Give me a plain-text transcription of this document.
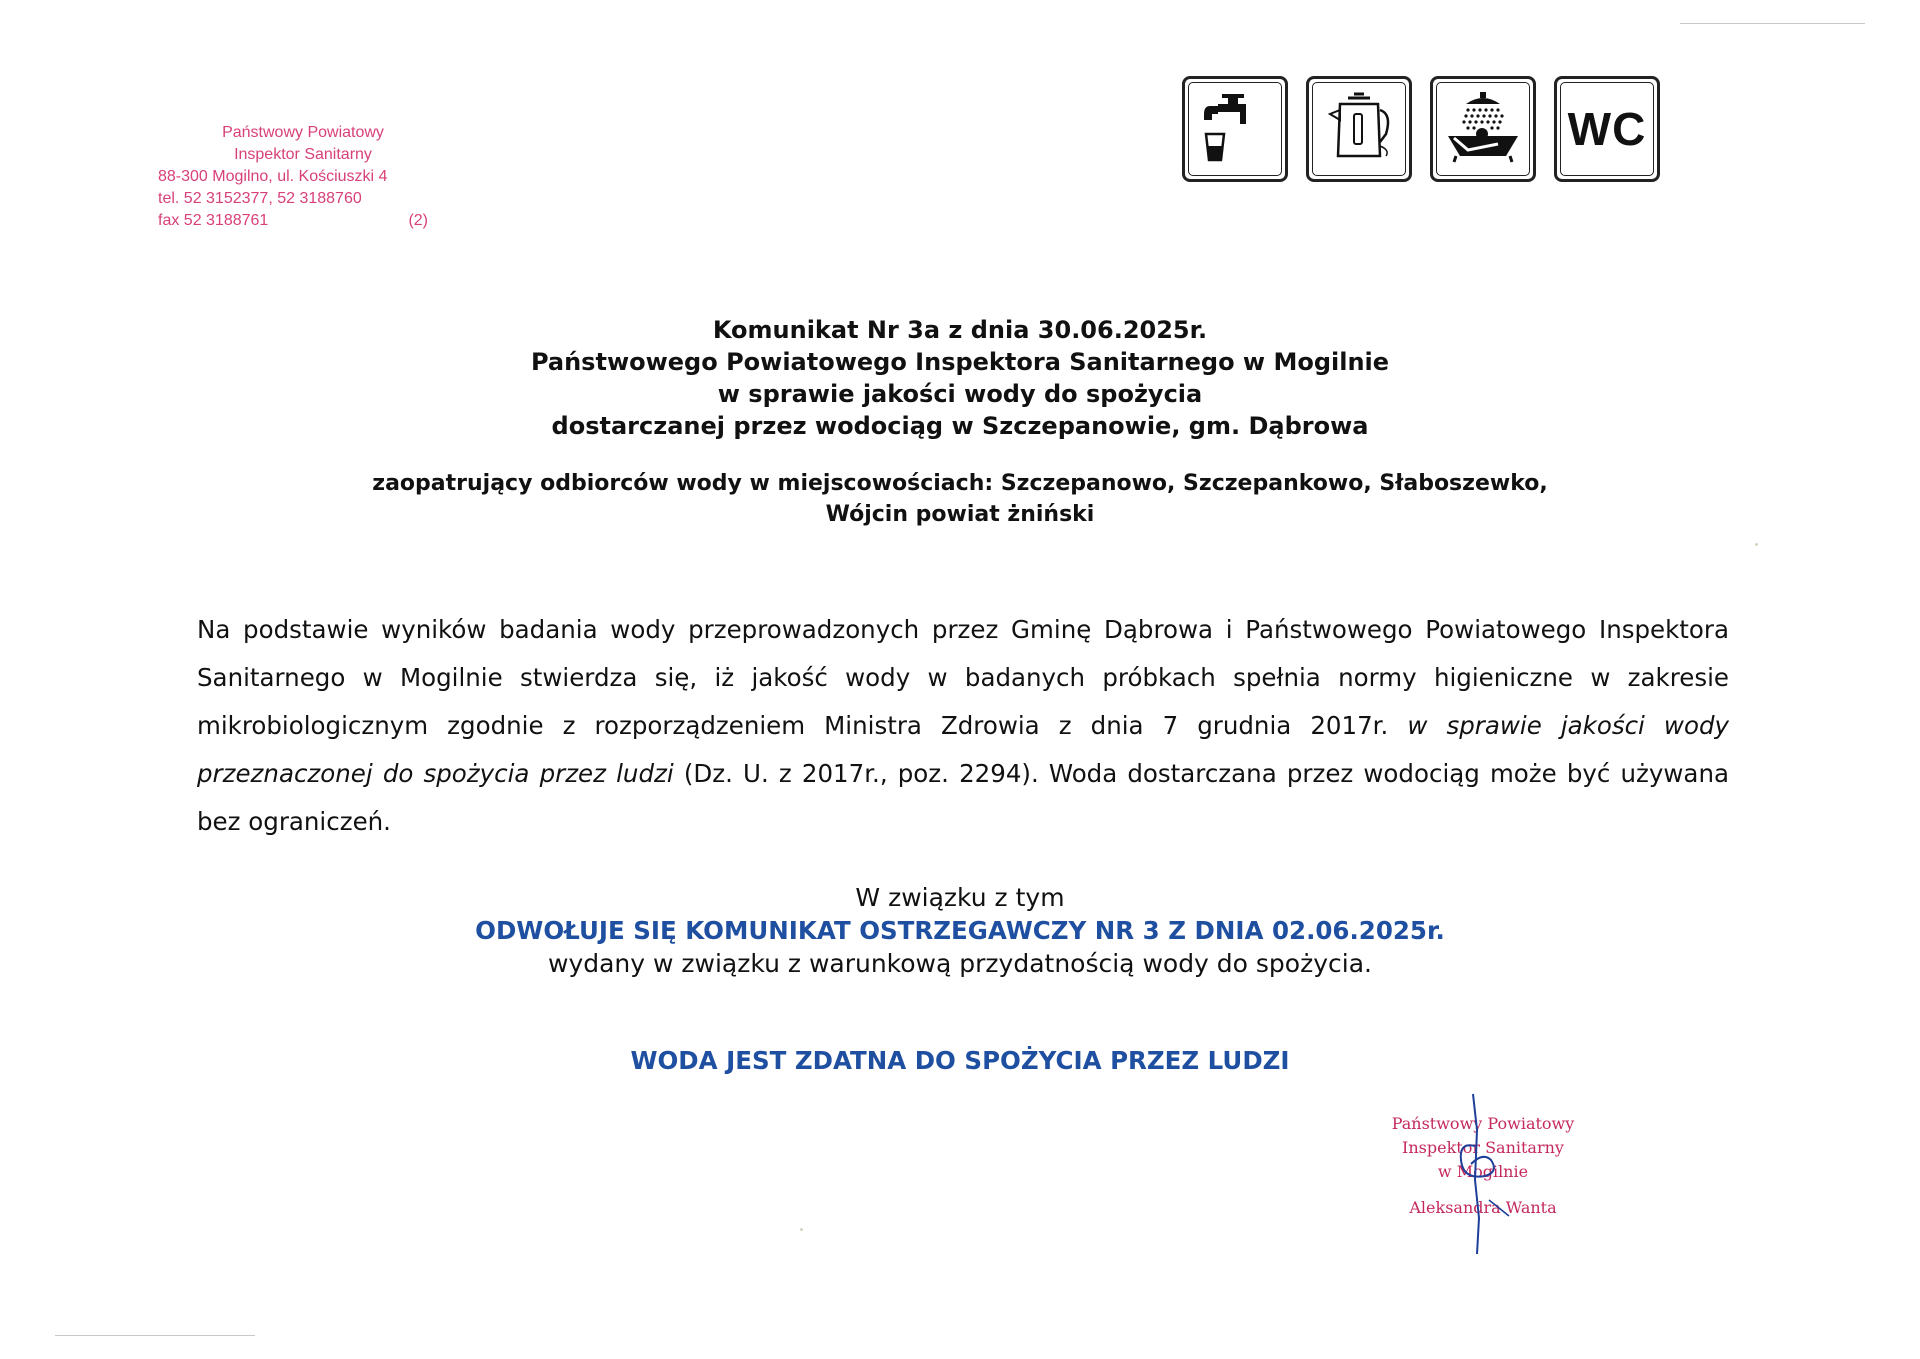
Państwowy Powiatowy
Inspektor Sanitarny
88-300 Mogilno, ul. Kościuszki 4
tel. 52 3152377, 52 3188760
fax 52 3188761	(2)
WC
Komunikat Nr 3a z dnia 30.06.2025r.
Państwowego Powiatowego Inspektora Sanitarnego w Mogilnie
w sprawie jakości wody do spożycia
dostarczanej przez wodociąg w Szczepanowie, gm. Dąbrowa
zaopatrujący odbiorców wody w miejscowościach: Szczepanowo, Szczepankowo, Słaboszewko,
Wójcin powiat żniński
Na podstawie wyników badania wody przeprowadzonych przez Gminę Dąbrowa i Państwowego Powiatowego Inspektora Sanitarnego w Mogilnie stwierdza się, iż jakość wody w badanych próbkach spełnia normy higieniczne w zakresie mikrobiologicznym zgodnie z rozporządzeniem Ministra Zdrowia z dnia 7 grudnia 2017r. w sprawie jakości wody przeznaczonej do spożycia przez ludzi (Dz. U. z 2017r., poz. 2294). Woda dostarczana przez wodociąg może być używana bez ograniczeń.
W związku z tym
ODWOŁUJE SIĘ KOMUNIKAT OSTRZEGAWCZY NR 3 Z DNIA 02.06.2025r.
wydany w związku z warunkową przydatnością wody do spożycia.
WODA JEST ZDATNA DO SPOŻYCIA PRZEZ LUDZI
Państwowy Powiatowy
Inspektor Sanitarny
w Mogilnie
Aleksandra Wanta
